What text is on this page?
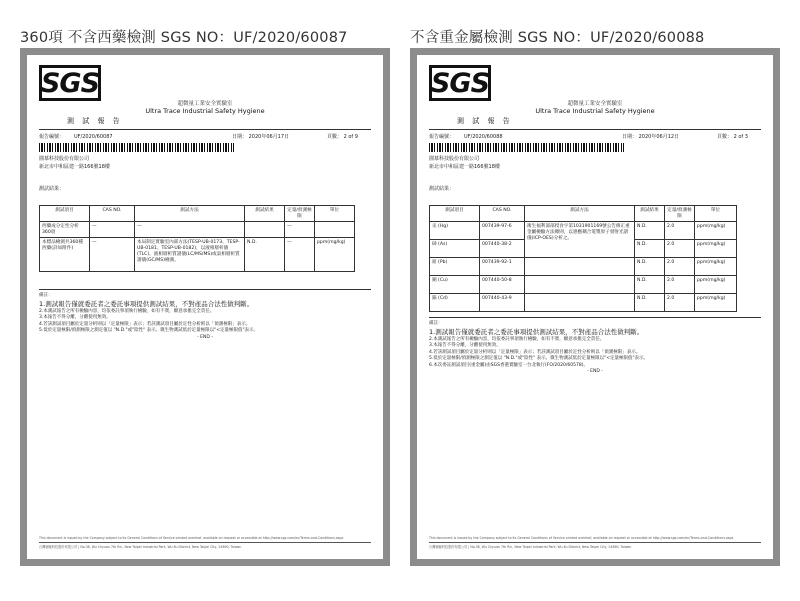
360項 不含西藥檢測 SGS NO：UF/2020/60087	不含重金屬檢測 SGS NO：UF/2020/60088
SGS
超微量工業安全實驗室
Ultra Trace Industrial Safety Hygiene
測 試 報 告
報告編號： UF/2020/60087	日期： 2020年06月17日	頁數： 2 of 9
圜慕科技股份有限公司
新北市中和區建一路166號18樓
測試結果：
測試項目	CAS NO.	測試方法	測試結果	定量/偵測極限	單位
西藥成分定性分析 360項	—	—		—	
本標品檢測共360種西藥(詳如附件)	—	本局制定實驗室內部方法(TESP-UB-0173、TESP-UB-0181、TESP-UB-0182)，以液相層析儀(TLC)、液相層析質譜儀(LC/MS/MS)或氣相層析質譜儀(GC/MS)檢測。	N.D.	—	ppm(mg/kg)
備註：
1.測試報告僅就委託者之委託事項提供測試結果，不對產品合法性做判斷。
2.本測試報告之所有檢驗內容，均依委託事項執行檢驗，如有不實，願意承擔完全責任。
3.本報告不得分離，分離使用無效。
4.若該測試項目屬於定量分析則以「定量極限」表示；若該測試項目屬於定性分析則以「偵測極限」表示。
5.低於定量極限/偵測極限之測定值以 "N.D."或"陰性" 表示。微生物測試低於定量極限以"<定量極限值"表示。
- END -
This document is issued by the Company subject to its General Conditions of Service printed overleaf, available on request or accessible at http://www.sgs.com/en/Terms-and-Conditions.aspx
台灣檢驗科技股份有限公司 | No.38, Wu Chyuan 7th Rd., New Taipei Industrial Park, Wu Ku District, New Taipei City, 24890, Taiwan
SGS
超微量工業安全實驗室
Ultra Trace Industrial Safety Hygiene
測 試 報 告
報告編號： UF/2020/60088	日期： 2020年06月12日	頁數： 2 of 3
圜慕科技股份有限公司
新北市中和區建一路166號18樓
測試結果：
測試項目	CAS NO.	測試方法	測試結果	定量/偵測極限	單位
汞 (Hg)	007439-97-6	衛生福利部部授食字第1031901169號公告修正重金屬檢驗方法總則，以感應耦合電漿原子發射光譜儀(ICP-OES)分析之。	N.D.	2.0	ppm(mg/kg)
砷 (As)	007440-38-2		N.D.	2.0	ppm(mg/kg)
鉛 (Pb)	007439-92-1		N.D.	2.0	ppm(mg/kg)
銅 (Cu)	007440-50-8		N.D.	2.0	ppm(mg/kg)
鎘 (Cd)	007440-43-9		N.D.	2.0	ppm(mg/kg)
備註：
1.測試報告僅就委託者之委託事項提供測試結果，不對產品合法性做判斷。
2.本測試報告之所有檢驗內容，均依委託事項執行檢驗，如有不實，願意承擔完全責任。
3.本報告不得分離，分離使用無效。
4.若該測試項目屬於定量分析則以「定量極限」表示；若該測試項目屬於定性分析則以「偵測極限」表示。
5.低於定量極限/偵測極限之測定值以 "N.D."或"陰性" 表示。微生物測試低於定量極限以"<定量極限值"表示。
6.本次委託測試項目(重金屬)由SGS香港實驗室一台北執行(FO/2020/60578)。
- END -
This document is issued by the Company subject to its General Conditions of Service printed overleaf, available on request or accessible at http://www.sgs.com/en/Terms-and-Conditions.aspx
台灣檢驗科技股份有限公司 | No.38, Wu Chyuan 7th Rd., New Taipei Industrial Park, Wu Ku District, New Taipei City, 24890, Taiwan
